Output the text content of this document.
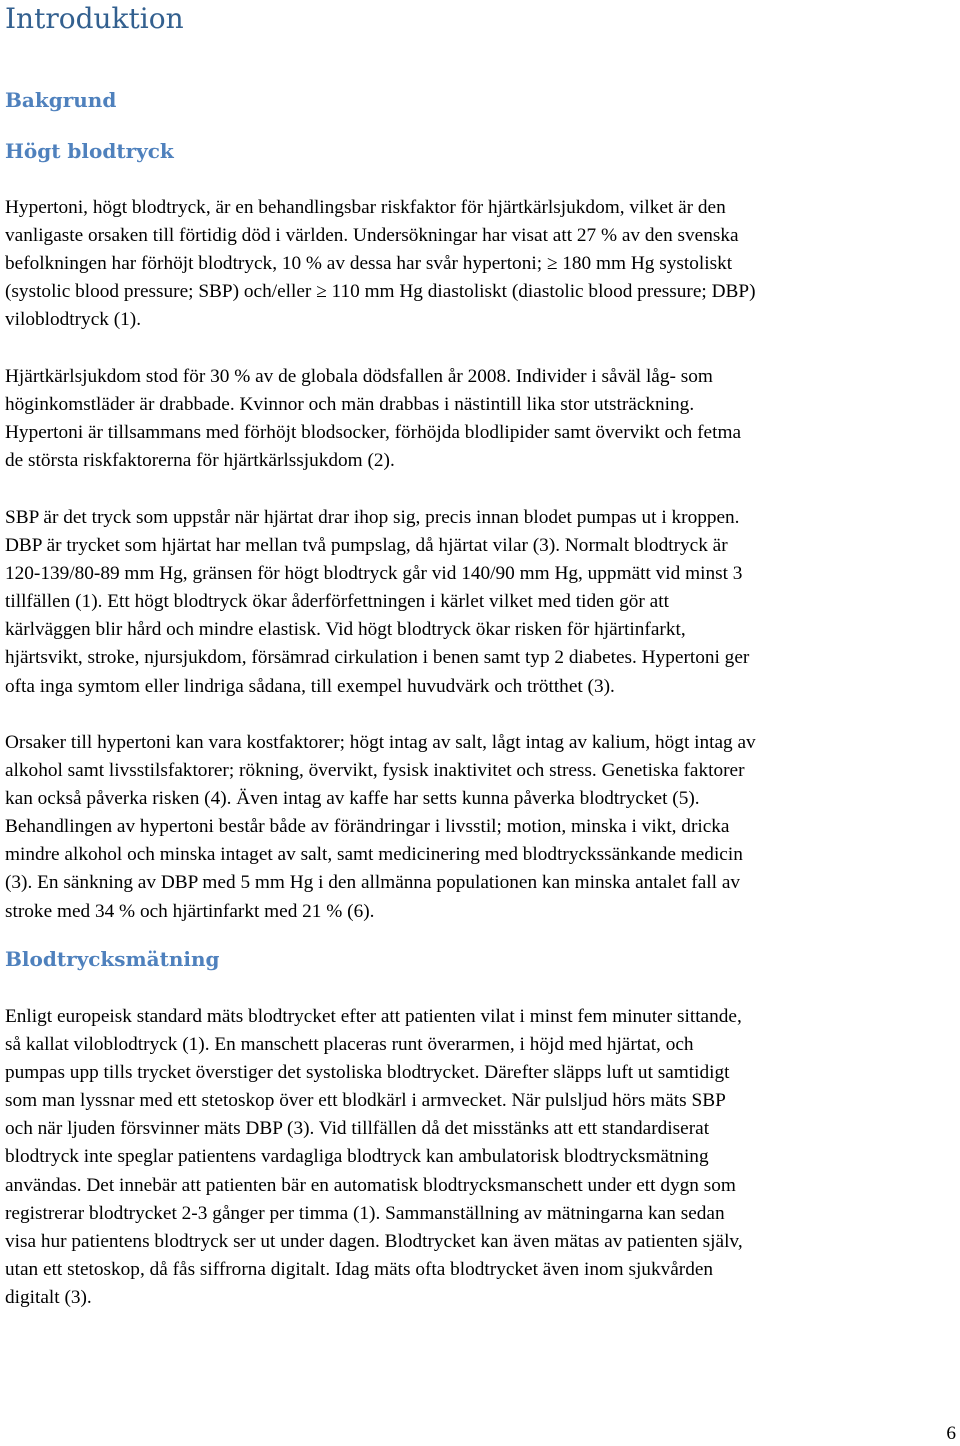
Introduktion
Bakgrund
Högt blodtryck
Hypertoni, högt blodtryck, är en behandlingsbar riskfaktor för hjärtkärlsjukdom, vilket är den
vanligaste orsaken till förtidig död i världen. Undersökningar har visat att 27 % av den svenska
befolkningen har förhöjt blodtryck, 10 % av dessa har svår hypertoni; ≥ 180 mm Hg systoliskt
(systolic blood pressure; SBP) och/eller ≥ 110 mm Hg diastoliskt (diastolic blood pressure; DBP)
viloblodtryck (1).
Hjärtkärlsjukdom stod för 30 % av de globala dödsfallen år 2008. Individer i såväl låg- som
höginkomstläder är drabbade. Kvinnor och män drabbas i nästintill lika stor utsträckning.
Hypertoni är tillsammans med förhöjt blodsocker, förhöjda blodlipider samt övervikt och fetma
de största riskfaktorerna för hjärtkärlssjukdom (2).
SBP är det tryck som uppstår när hjärtat drar ihop sig, precis innan blodet pumpas ut i kroppen.
DBP är trycket som hjärtat har mellan två pumpslag, då hjärtat vilar (3). Normalt blodtryck är
120-139/80-89 mm Hg, gränsen för högt blodtryck går vid 140/90 mm Hg, uppmätt vid minst 3
tillfällen (1). Ett högt blodtryck ökar åderförfettningen i kärlet vilket med tiden gör att
kärlväggen blir hård och mindre elastisk. Vid högt blodtryck ökar risken för hjärtinfarkt,
hjärtsvikt, stroke, njursjukdom, försämrad cirkulation i benen samt typ 2 diabetes. Hypertoni ger
ofta inga symtom eller lindriga sådana, till exempel huvudvärk och trötthet (3).
Orsaker till hypertoni kan vara kostfaktorer; högt intag av salt, lågt intag av kalium, högt intag av
alkohol samt livsstilsfaktorer; rökning, övervikt, fysisk inaktivitet och stress. Genetiska faktorer
kan också påverka risken (4). Även intag av kaffe har setts kunna påverka blodtrycket (5).
Behandlingen av hypertoni består både av förändringar i livsstil; motion, minska i vikt, dricka
mindre alkohol och minska intaget av salt, samt medicinering med blodtryckssänkande medicin
(3). En sänkning av DBP med 5 mm Hg i den allmänna populationen kan minska antalet fall av
stroke med 34 % och hjärtinfarkt med 21 % (6).
Blodtrycksmätning
Enligt europeisk standard mäts blodtrycket efter att patienten vilat i minst fem minuter sittande,
så kallat viloblodtryck (1). En manschett placeras runt överarmen, i höjd med hjärtat, och
pumpas upp tills trycket överstiger det systoliska blodtrycket. Därefter släpps luft ut samtidigt
som man lyssnar med ett stetoskop över ett blodkärl i armvecket. När pulsljud hörs mäts SBP
och när ljuden försvinner mäts DBP (3). Vid tillfällen då det misstänks att ett standardiserat
blodtryck inte speglar patientens vardagliga blodtryck kan ambulatorisk blodtrycksmätning
användas. Det innebär att patienten bär en automatisk blodtrycksmanschett under ett dygn som
registrerar blodtrycket 2-3 gånger per timma (1). Sammanställning av mätningarna kan sedan
visa hur patientens blodtryck ser ut under dagen. Blodtrycket kan även mätas av patienten själv,
utan ett stetoskop, då fås siffrorna digitalt. Idag mäts ofta blodtrycket även inom sjukvården
digitalt (3).
6
